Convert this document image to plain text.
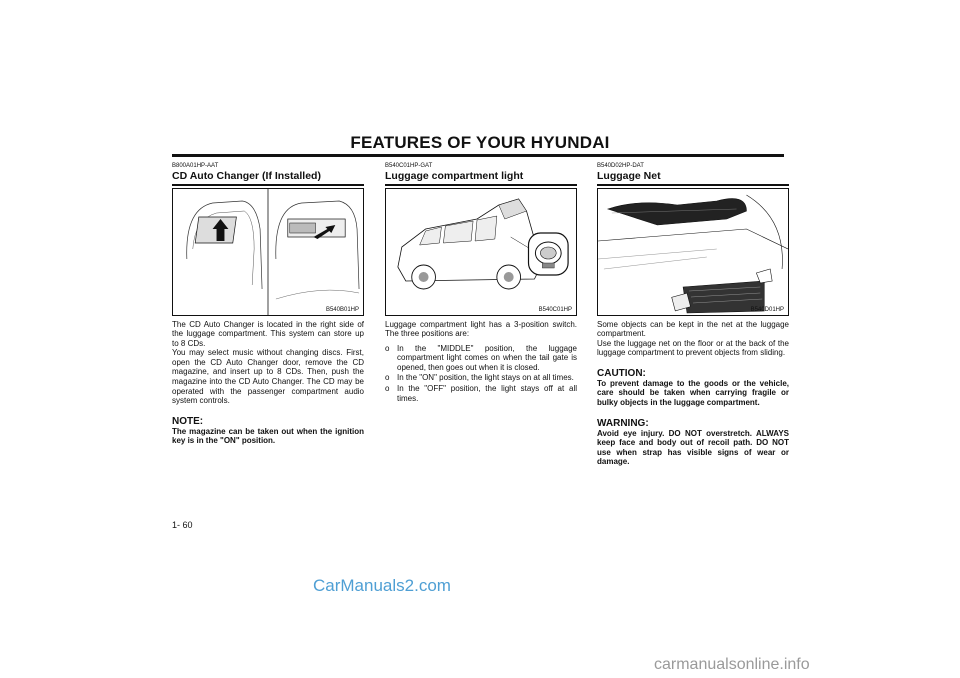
FEATURES OF YOUR HYUNDAI
B800A01HP-AAT
CD Auto Changer (If Installed)
B540B01HP

The CD Auto Changer is located in the right side of the luggage compartment. This system can store up to 8 CDs.

You may select music without changing discs. First, open the CD Auto Changer door, remove the CD magazine, and insert up to 8 CDs. Then, push the magazine into the CD Auto Changer. The CD may be operated with the passenger compartment audio system controls.

NOTE:

The magazine can be taken out when the ignition key is in the "ON" position.

B540C01HP-GAT
Luggage compartment light
B540C01HP

Luggage compartment light has a 3-position switch. The three positions are:

o In the "MIDDLE" position, the luggage compartment light comes on when the tail gate is opened, then goes out when it is closed.
o In the "ON" position, the light stays on at all times.
o In the "OFF" position, the light stays off at all times.
B540D02HP-DAT
Luggage Net
B540D01HP

Some objects can be kept in the net at the luggage compartment.

Use the luggage net on the floor or at the back of the luggage compartment to prevent objects from sliding.

CAUTION:

To prevent damage to the goods or the vehicle, care should be taken when carrying fragile or bulky objects in the luggage compartment.

WARNING:

Avoid eye injury. DO NOT overstretch. ALWAYS keep face and body out of recoil path. DO NOT use when strap has visible signs of wear or damage.

1- 60
CarManuals2.com
carmanualsonline.info
